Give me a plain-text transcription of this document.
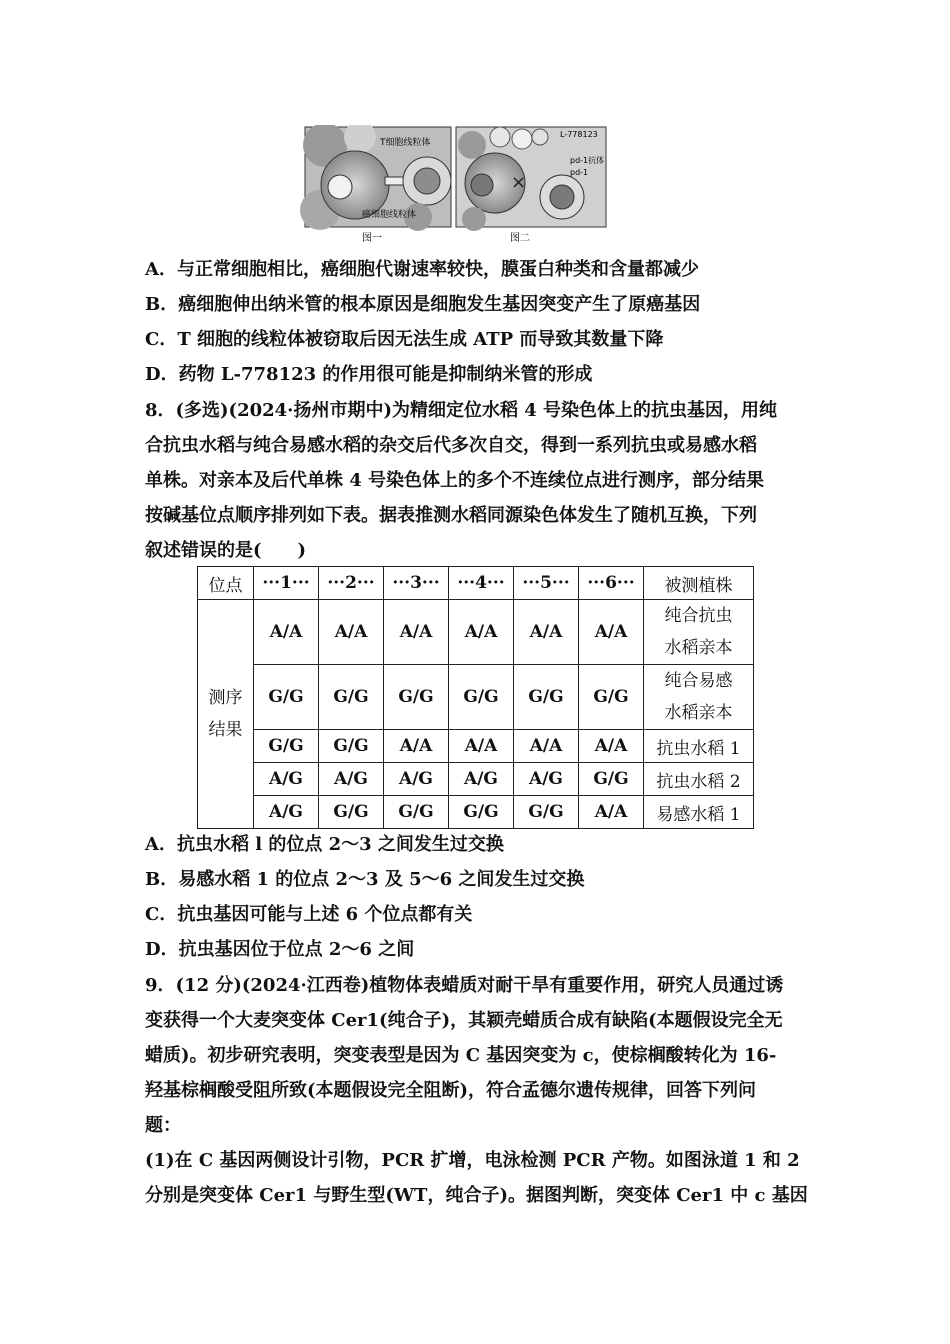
T细胞线粒体
癌细胞线粒体
图一
×
L-778123
pd-1抗体
pd-1
图二
A．与正常细胞相比，癌细胞代谢速率较快，膜蛋白种类和含量都减少
B．癌细胞伸出纳米管的根本原因是细胞发生基因突变产生了原癌基因
C．T 细胞的线粒体被窃取后因无法生成 ATP 而导致其数量下降
D．药物 L-778123 的作用很可能是抑制纳米管的形成

8．(多选)(2024·扬州市期中)为精细定位水稻 4 号染色体上的抗虫基因，用纯

合抗虫水稻与纯合易感水稻的杂交后代多次自交，得到一系列抗虫或易感水稻

单株。对亲本及后代单株 4 号染色体上的多个不连续位点进行测序，部分结果

按碱基位点顺序排列如下表。据表推测水稻同源染色体发生了随机互换，下列

叙述错误的是(　　)

位点	···1···	···2···	···3···	···4···	···5···	···6···	被测植株
测序结果	A/A	A/A	A/A	A/A	A/A	A/A	纯合抗虫
水稻亲本
	G/G	G/G	G/G	G/G	G/G	G/G	纯合易感
水稻亲本
	G/G	G/G	A/A	A/A	A/A	A/A	抗虫水稻 1
	A/G	A/G	A/G	A/G	A/G	G/G	抗虫水稻 2
	A/G	G/G	G/G	G/G	G/G	A/A	易感水稻 1
A．抗虫水稻 l 的位点 2～3 之间发生过交换
B．易感水稻 1 的位点 2～3 及 5～6 之间发生过交换
C．抗虫基因可能与上述 6 个位点都有关
D．抗虫基因位于位点 2～6 之间

9．(12 分)(2024·江西卷)植物体表蜡质对耐干旱有重要作用，研究人员通过诱

变获得一个大麦突变体 Cer1(纯合子)，其颖壳蜡质合成有缺陷(本题假设完全无

蜡质)。初步研究表明，突变表型是因为 C 基因突变为 c，使棕榈酸转化为 16-

羟基棕榈酸受阻所致(本题假设完全阻断)，符合孟德尔遗传规律，回答下列问

题：

(1)在 C 基因两侧设计引物，PCR 扩增，电泳检测 PCR 产物。如图泳道 1 和 2

分别是突变体 Cer1 与野生型(WT，纯合子)。据图判断，突变体 Cer1 中 c 基因
